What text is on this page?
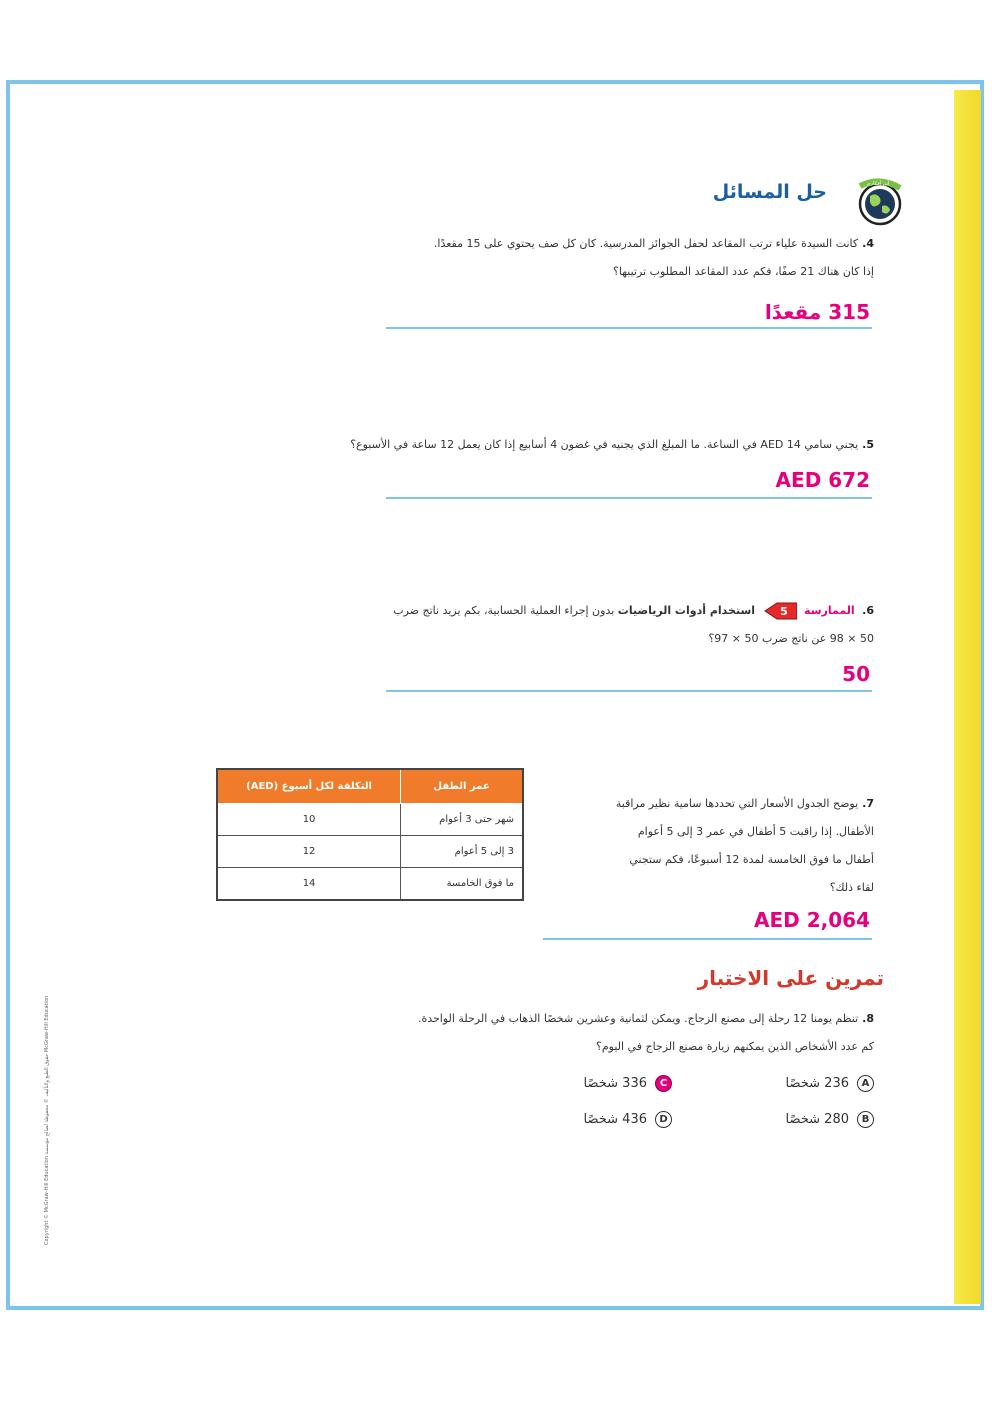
Copyright © McGraw-Hill Education حقوق الطبع والتأليف © محفوظة لصالح مؤسسة McGraw-Hill Education
أين أفكاري
حل المسائل
4.كانت السيدة علياء ترتب المقاعد لحفل الجوائز المدرسية. كان كل صف يحتوي على 15 مقعدًا.
إذا كان هناك 21 صفًا، فكم عدد المقاعد المطلوب ترتيبها؟
315 مقعدًا
5.يجني سامي 14 AED في الساعة. ما المبلغ الذي يجنيه في غضون 4 أسابيع إذا كان يعمل 12 ساعة في الأسبوع؟
AED 672
6. الممارسة
5
استخدام أدوات الرياضيات بدون إجراء العملية الحسابية، بكم يزيد ناتج ضرب
50 × 98 عن ناتج ضرب 50 × 97؟
50
عمر الطفل	التكلفة لكل أسبوع (AED)
شهر حتى 3 أعوام	10
3 إلى 5 أعوام	12
ما فوق الخامسة	14
7.يوضح الجدول الأسعار التي تحددها سامية نظير مراقبة
الأطفال. إذا راقبت 5 أطفال في عمر 3 إلى 5 أعوام
أطفال ما فوق الخامسة لمدة 12 أسبوعًا، فكم ستجني
لقاء ذلك؟
AED 2,064
تمرين على الاختبار
8.تنظم يومنا 12 رحلة إلى مصنع الزجاج. ويمكن لثمانية وعشرين شخصًا الذهاب في الرحلة الواحدة.
كم عدد الأشخاص الذين يمكنهم زيارة مصنع الزجاج في اليوم؟
A
236 شخصًا
C
336 شخصًا
B
280 شخصًا
D
436 شخصًا
